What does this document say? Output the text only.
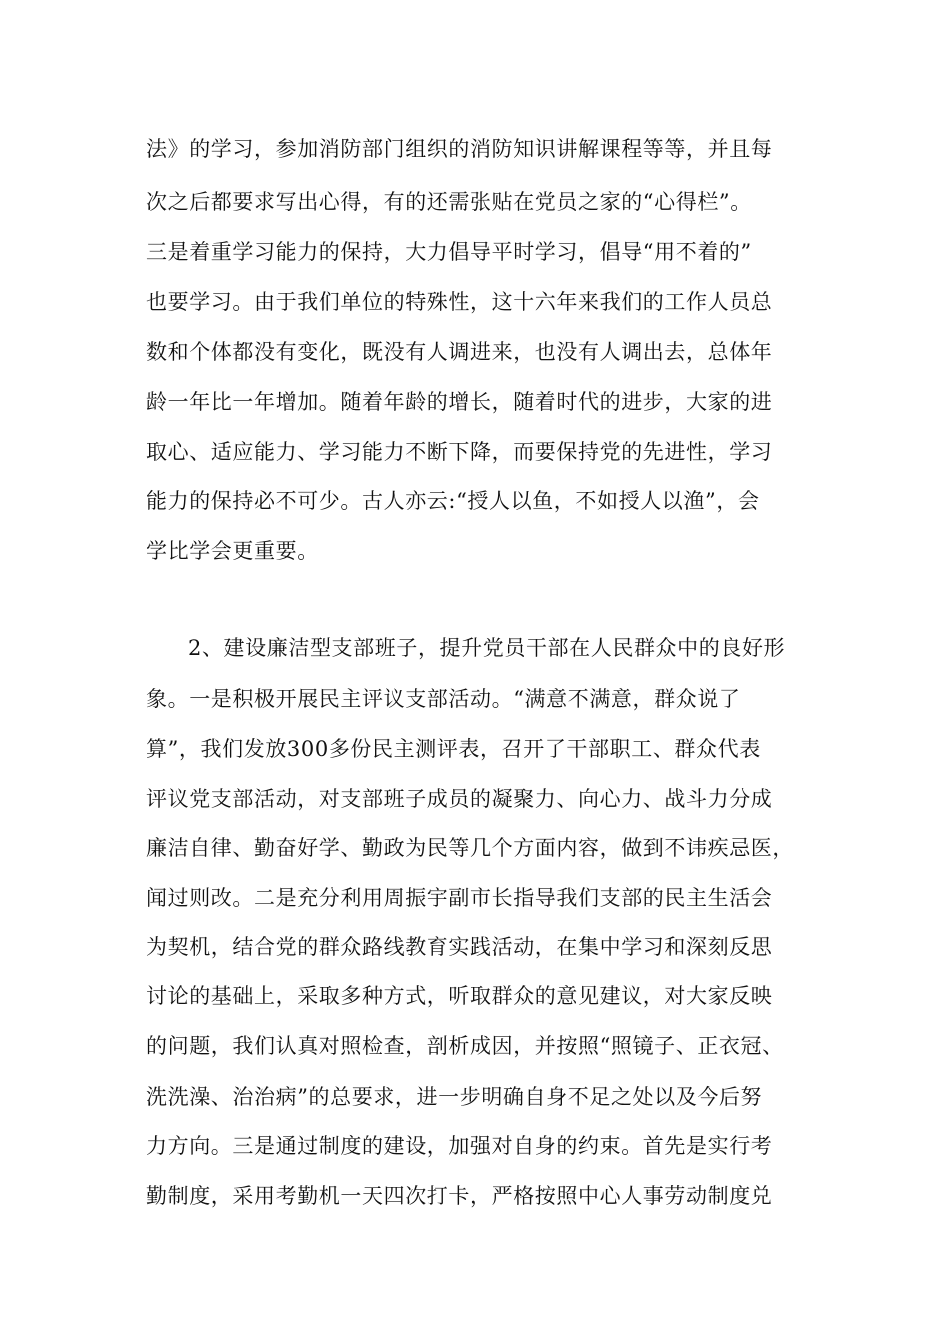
法》的学习，参加消防部门组织的消防知识讲解课程等等，并且每
次之后都要求写出心得，有的还需张贴在党员之家的“心得栏”。
三是着重学习能力的保持，大力倡导平时学习，倡导“用不着的”
也要学习。由于我们单位的特殊性，这十六年来我们的工作人员总
数和个体都没有变化，既没有人调进来，也没有人调出去，总体年
龄一年比一年增加。随着年龄的增长，随着时代的进步，大家的进
取心、适应能力、学习能力不断下降，而要保持党的先进性，学习
能力的保持必不可少。古人亦云:“授人以鱼，不如授人以渔”，会
学比学会更重要。
2、建设廉洁型支部班子，提升党员干部在人民群众中的良好形
象。一是积极开展民主评议支部活动。“满意不满意，群众说了
算”，我们发放300多份民主测评表，召开了干部职工、群众代表
评议党支部活动，对支部班子成员的凝聚力、向心力、战斗力分成
廉洁自律、勤奋好学、勤政为民等几个方面内容，做到不讳疾忌医，
闻过则改。二是充分利用周振宇副市长指导我们支部的民主生活会
为契机，结合党的群众路线教育实践活动，在集中学习和深刻反思
讨论的基础上，采取多种方式，听取群众的意见建议，对大家反映
的问题，我们认真对照检查，剖析成因，并按照“照镜子、正衣冠、
洗洗澡、治治病”的总要求，进一步明确自身不足之处以及今后努
力方向。三是通过制度的建设，加强对自身的约束。首先是实行考
勤制度，采用考勤机一天四次打卡，严格按照中心人事劳动制度兑
